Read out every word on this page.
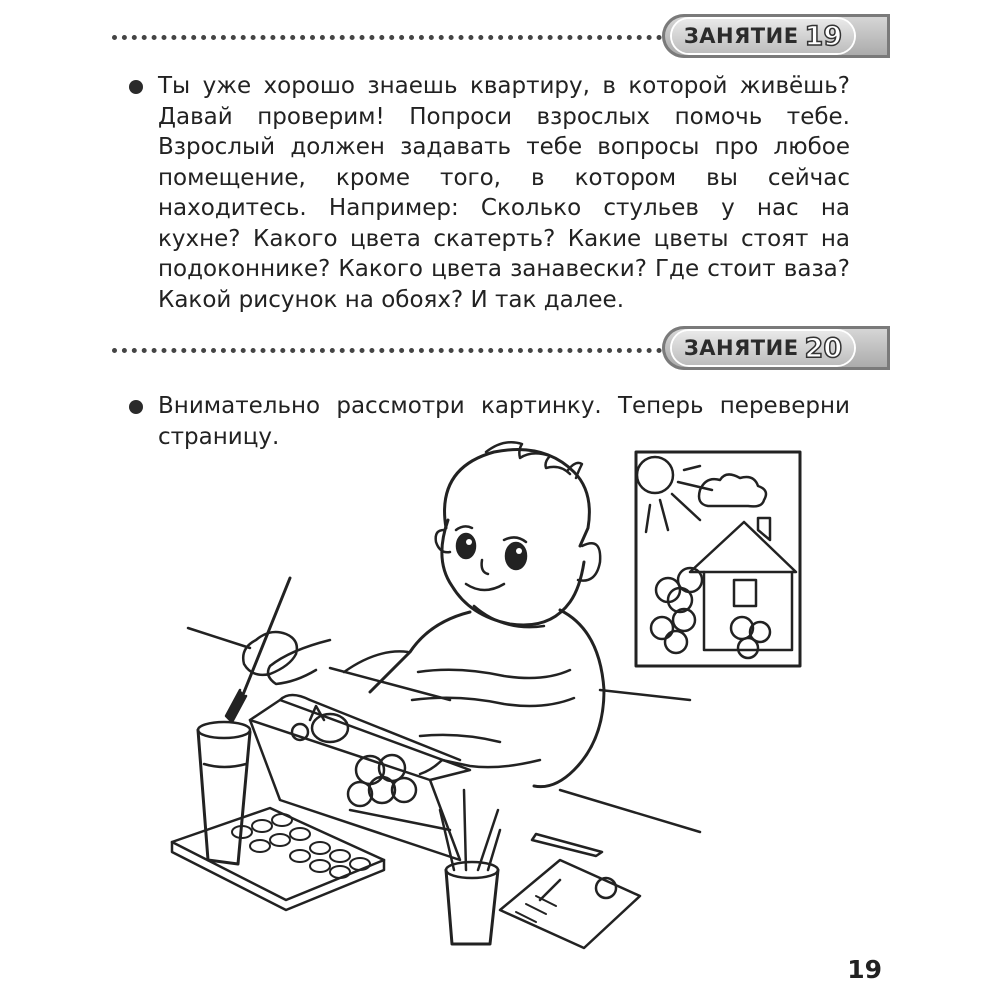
ЗАНЯТИЕ 19
Ты уже хорошо знаешь квартиру, в которой живёшь? Давай проверим! Попроси взрослых помочь тебе. Взрослый должен задавать тебе вопросы про любое помещение, кроме того, в котором вы сейчас находитесь. Например: Сколько стульев у нас на кухне? Какого цвета скатерть? Какие цветы стоят на подоконнике? Какого цвета занавески? Где стоит ваза? Какой рисунок на обоях? И так далее.
ЗАНЯТИЕ 20
Внимательно рассмотри картинку. Теперь переверни страницу.
19
